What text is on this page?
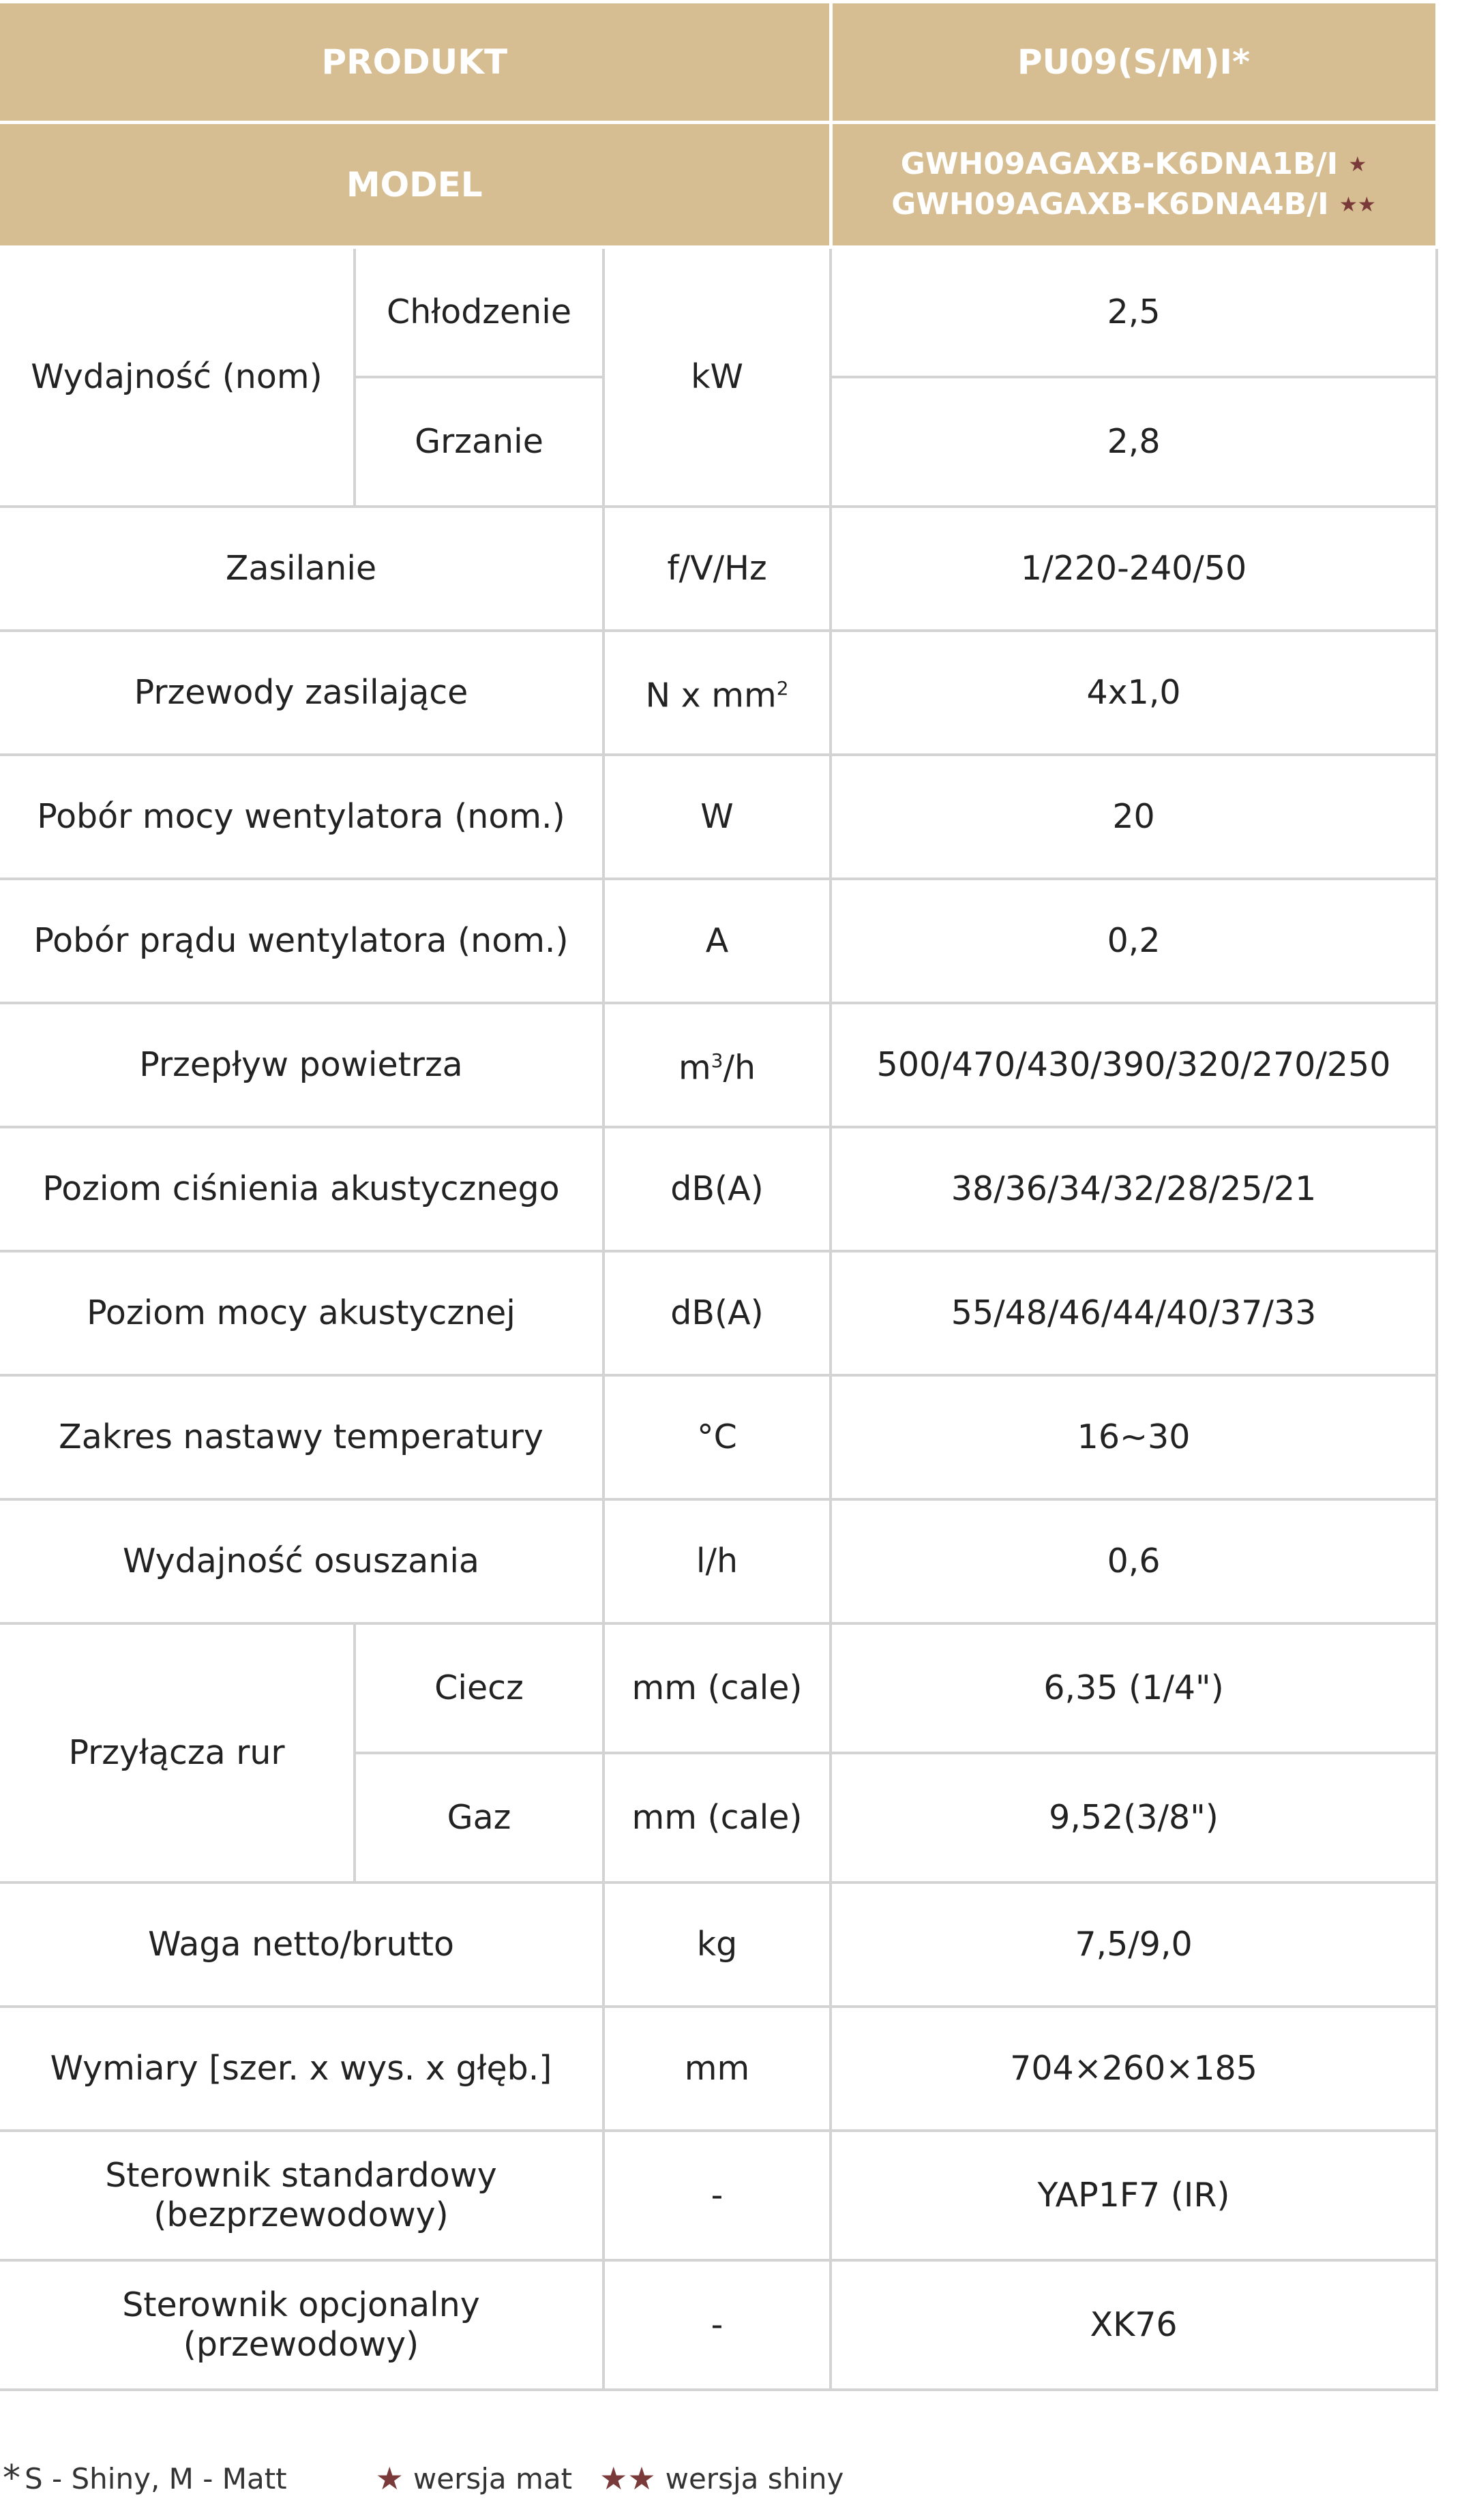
PRODUKT			PU09(S/M)I*
MODEL			GWH09AGAXB-K6DNA1B/I ★
GWH09AGAXB-K6DNA4B/I ★★
Wydajność (nom)	Chłodzenie	kW	2,5
	Grzanie		2,8
Zasilanie		f/V/Hz	1/220-240/50
Przewody zasilające		N x $mm^2$	4x1,0
Pobór mocy wentylatora (nom.)		W	20
Pobór prądu wentylatora (nom.)		A	0,2
Przepływ powietrza		$m^3/h$	500/470/430/390/320/270/250
Poziom ciśnienia akustycznego		dB(A)	38/36/34/32/28/25/21
Poziom mocy akustycznej		dB(A)	55/48/46/44/40/37/33
Zakres nastawy temperatury		°C	16~30
Wydajność osuszania		l/h	0,6
Przyłącza rur	Ciecz	mm (cale)	6,35 (1/4")
	Gaz	mm (cale)	9,52(3/8")
Waga netto/brutto		kg	7,5/9,0
Wymiary [szer. x wys. x głęb.]		mm	704×260×185
Sterownik standardowy
(bezprzewodowy)		-	YAP1F7 (IR)
Sterownik opcjonalny
(przewodowy)		-	XK76
* S - Shiny, M - Matt	★ wersja mat ★★ wersja shiny
